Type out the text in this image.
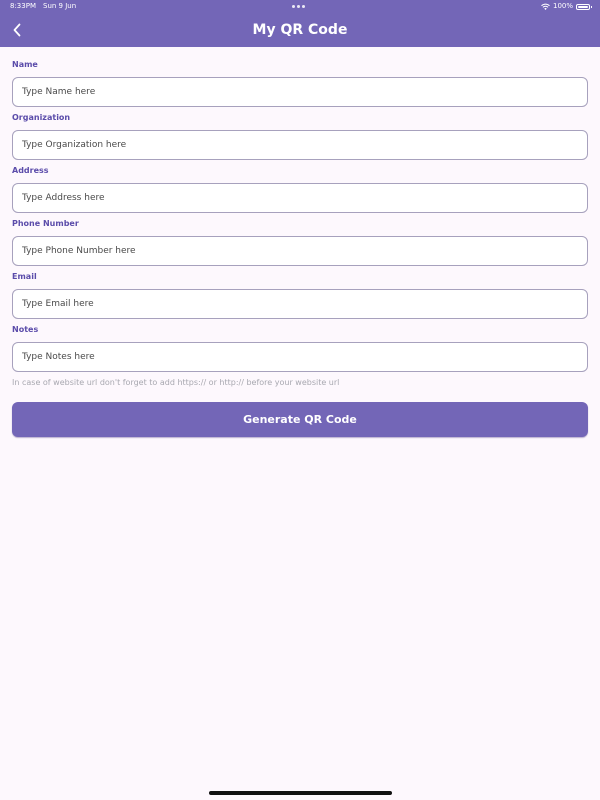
8:33PM Sun 9 Jun	100%
My QR Code
Name
Type Name here
Organization
Type Organization here
Address
Type Address here
Phone Number
Type Phone Number here
Email
Type Email here
Notes
Type Notes here
In case of website url don't forget to add https:// or http:// before your website url
Generate QR Code
